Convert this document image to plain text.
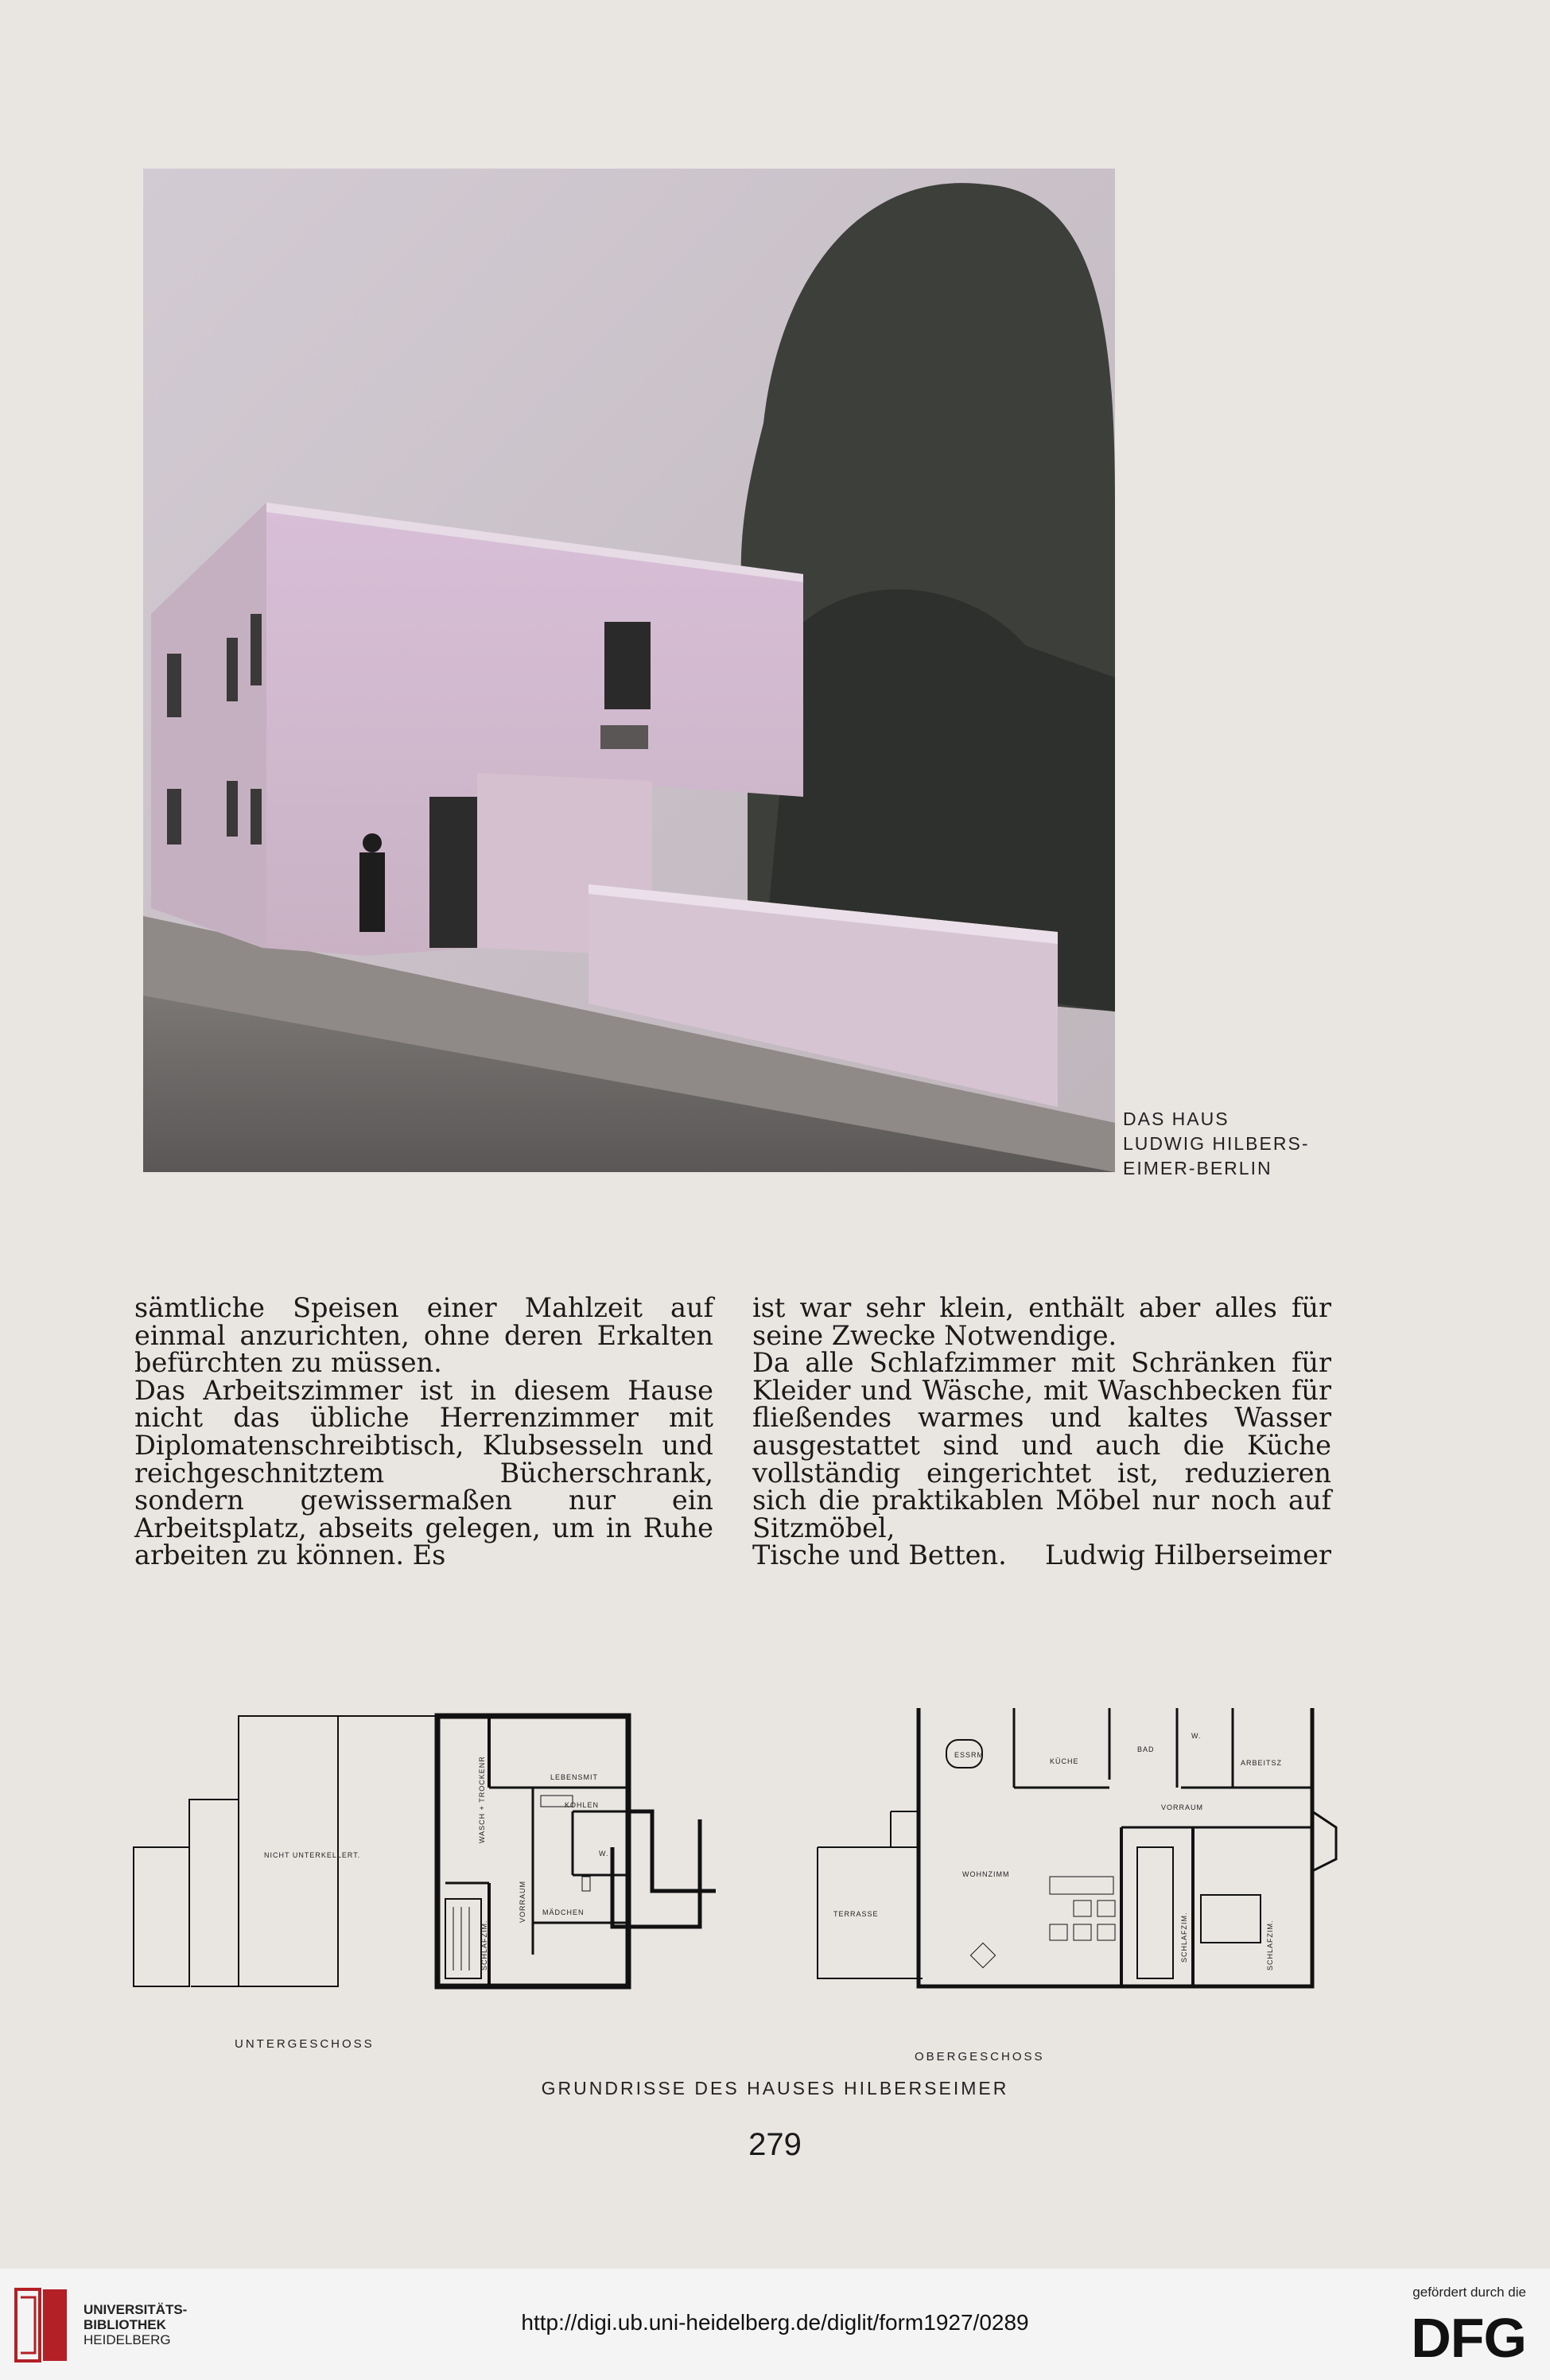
DAS HAUS
LUDWIG HILBERS-
EIMER-BERLIN

sämtliche Speisen einer Mahlzeit auf einmal anzurichten, ohne deren Erkalten befürchten zu müssen.

Das Arbeitszimmer ist in diesem Hause nicht das übliche Herrenzimmer mit Diplomatenschreibtisch, Klubsesseln und reichgeschnitztem Bücherschrank, sondern gewissermaßen nur ein Arbeitsplatz, abseits gelegen, um in Ruhe arbeiten zu können. Es

ist war sehr klein, enthält aber alles für seine Zwecke Notwendige.

Da alle Schlafzimmer mit Schränken für Kleider und Wäsche, mit Waschbecken für fließendes warmes und kaltes Wasser ausgestattet sind und auch die Küche vollständig eingerichtet ist, reduzieren sich die praktikablen Möbel nur noch auf Sitzmöbel,

Tische und Betten. Ludwig Hilberseimer
NICHT UNTERKELLERT.
LEBENSMIT
MÄDCHEN
KOHLEN
W.
WASCH + TROCKENR
VORRAUM
SCHLAFZIM.
ESSRM
KÜCHE
BAD
W.
ARBEITSZ
VORRAUM
WOHNZIMM
TERRASSE	SCHLAFZIM.	SCHLAFZIM.
UNTERGESCHOSS
OBERGESCHOSS
GRUNDRISSE DES HAUSES HILBERSEIMER
279
UNIVERSITÄTS-
BIBLIOTHEK
HEIDELBERG
http://digi.ub.uni-heidelberg.de/diglit/form1927/0289
gefördert durch die
DFG
